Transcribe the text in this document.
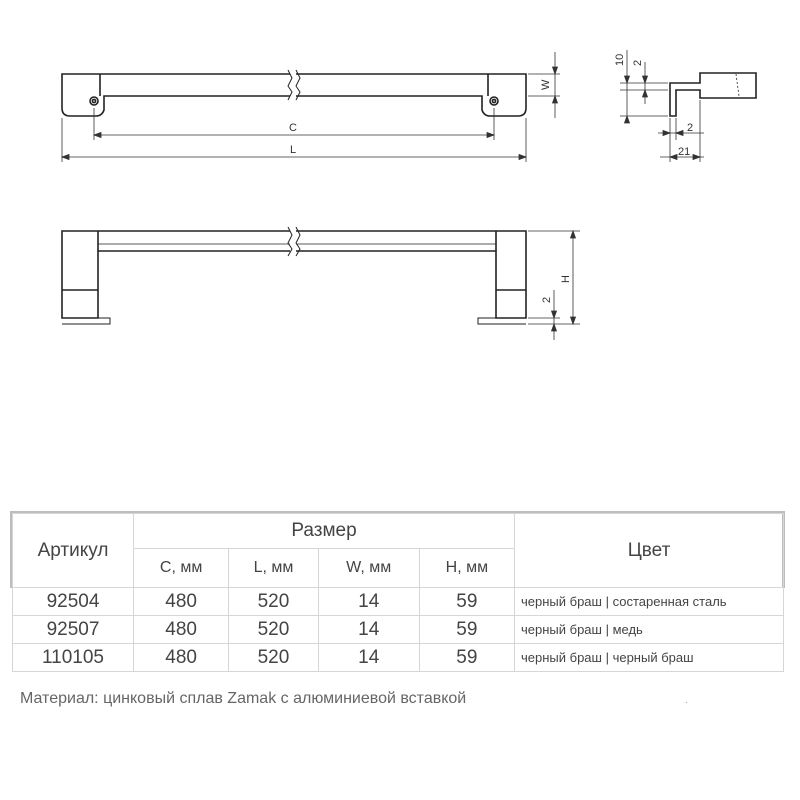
C
L
W
10 2
2
21
H
2
Артикул	Размер				Цвет
	C, мм	L, мм	W, мм	H, мм	
92504	480	520	14	59	черный браш | состаренная сталь
92507	480	520	14	59	черный браш | медь
110105	480	520	14	59	черный браш | черный браш
Материал: цинковый сплав Zamak с алюминиевой вставкой	.
